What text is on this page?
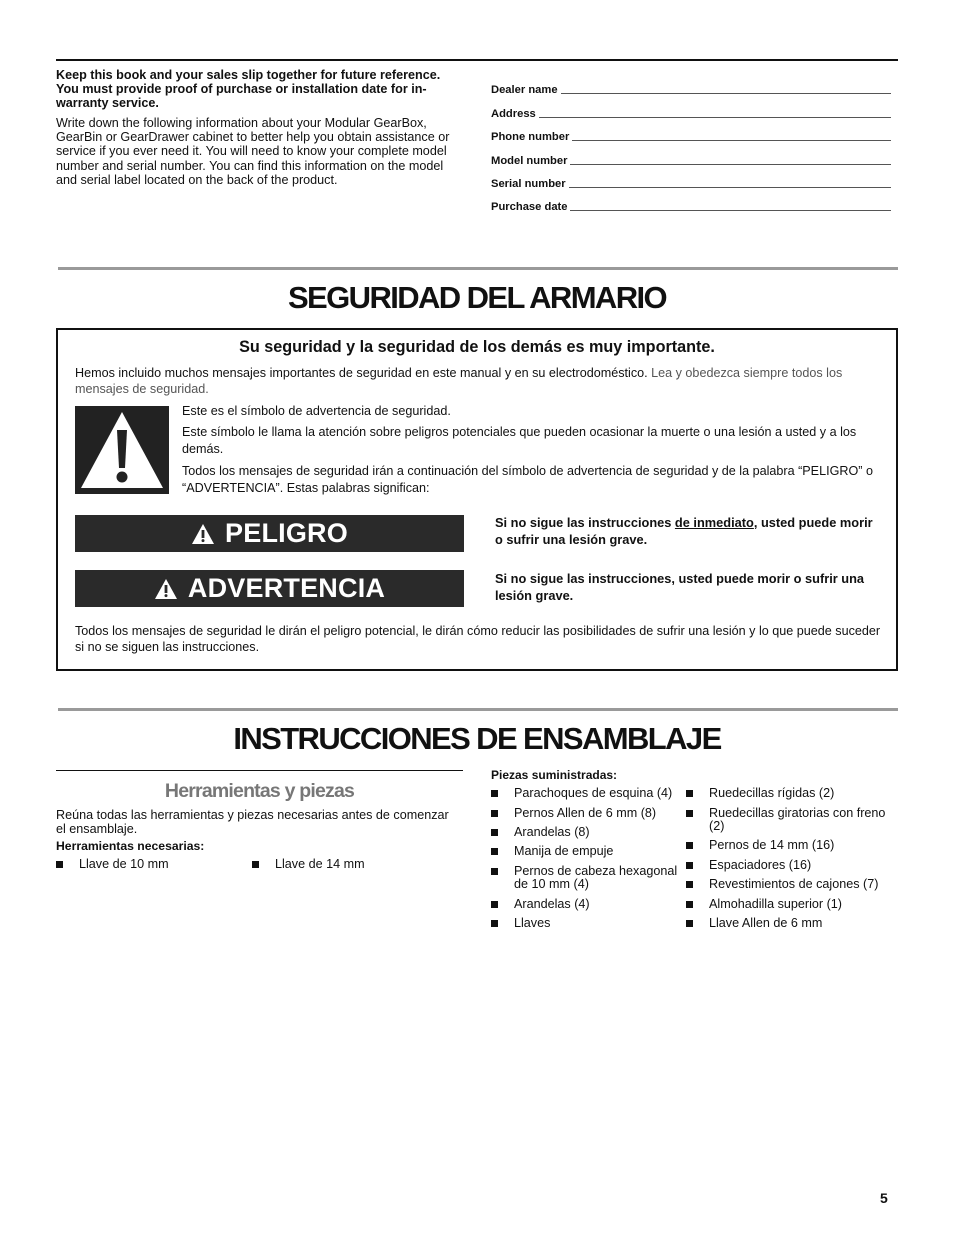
Keep this book and your sales slip together for future reference. You must provide proof of purchase or installation date for in-warranty service.
Write down the following information about your Modular GearBox, GearBin or GearDrawer cabinet to better help you obtain assistance or service if you ever need it. You will need to know your complete model number and serial number. You can find this information on the model and serial label located on the back of the product.
Dealer name
Address
Phone number
Model number
Serial number
Purchase date
SEGURIDAD DEL ARMARIO
Su seguridad y la seguridad de los demás es muy importante.
Hemos incluido muchos mensajes importantes de seguridad en este manual y en su electrodoméstico. Lea y obedezca siempre todos los mensajes de seguridad.
Este es el símbolo de advertencia de seguridad.
Este símbolo le llama la atención sobre peligros potenciales que pueden ocasionar la muerte o una lesión a usted y a los demás.
Todos los mensajes de seguridad irán a continuación del símbolo de advertencia de seguridad y de la palabra “PELIGRO” o “ADVERTENCIA”. Estas palabras significan:
PELIGRO
ADVERTENCIA
Si no sigue las instrucciones de inmediato, usted puede morir o sufrir una lesión grave.
Si no sigue las instrucciones, usted puede morir o sufrir una lesión grave.
Todos los mensajes de seguridad le dirán el peligro potencial, le dirán cómo reducir las posibilidades de sufrir una lesión y lo que puede suceder si no se siguen las instrucciones.
INSTRUCCIONES DE ENSAMBLAJE
Herramientas y piezas
Reúna todas las herramientas y piezas necesarias antes de comenzar el ensamblaje.
Herramientas necesarias:
Llave de 10 mm	Llave de 14 mm
Piezas suministradas:
Parachoques de esquina (4)
Pernos Allen de 6 mm (8)
Arandelas (8)
Manija de empuje
Pernos de cabeza hexagonal de 10 mm (4)
Arandelas (4)
Llaves
Ruedecillas rígidas (2)
Ruedecillas giratorias con freno (2)
Pernos de 14 mm (16)
Espaciadores (16)
Revestimientos de cajones (7)
Almohadilla superior (1)
Llave Allen de 6 mm
5
